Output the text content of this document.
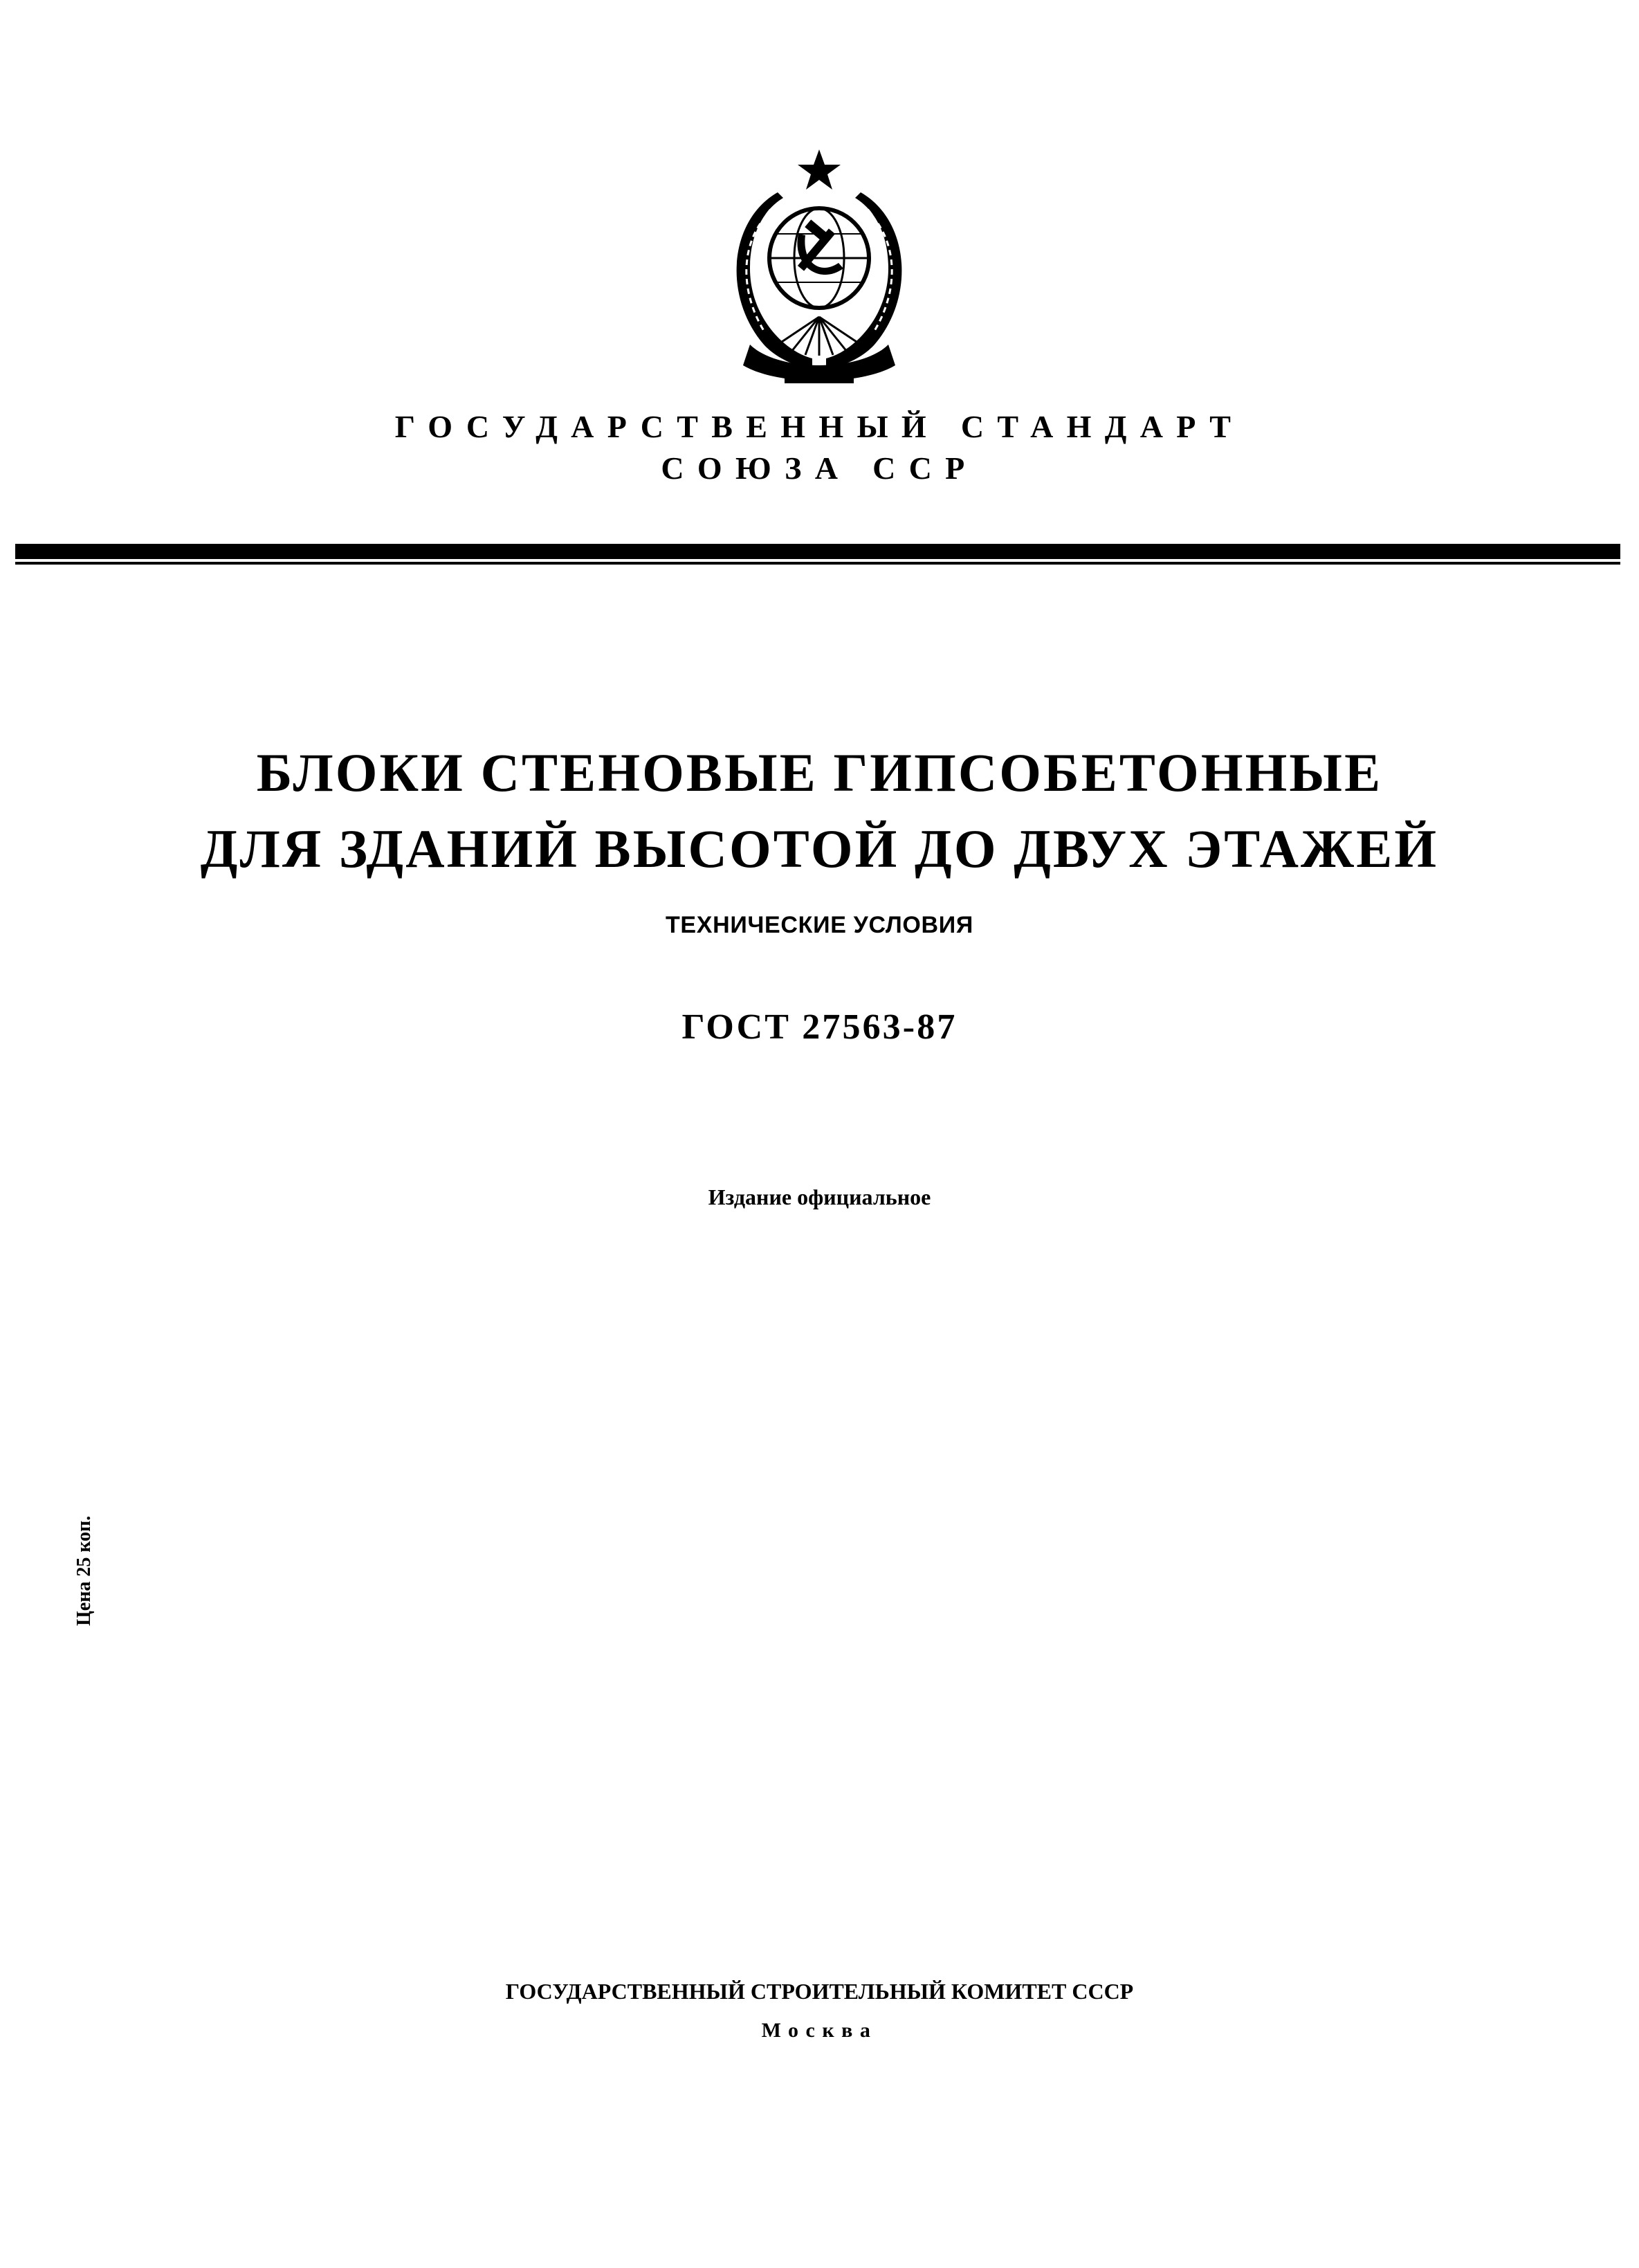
ГОСУДАРСТВЕННЫЙ СТАНДАРТ
СОЮЗА ССР
БЛОКИ СТЕНОВЫЕ ГИПСОБЕТОННЫЕ
ДЛЯ ЗДАНИЙ ВЫСОТОЙ ДО ДВУХ ЭТАЖЕЙ
ТЕХНИЧЕСКИЕ УСЛОВИЯ
ГОСТ 27563-87
Издание официальное
Цена 25 коп.
ГОСУДАРСТВЕННЫЙ СТРОИТЕЛЬНЫЙ КОМИТЕТ СССР
Москва
